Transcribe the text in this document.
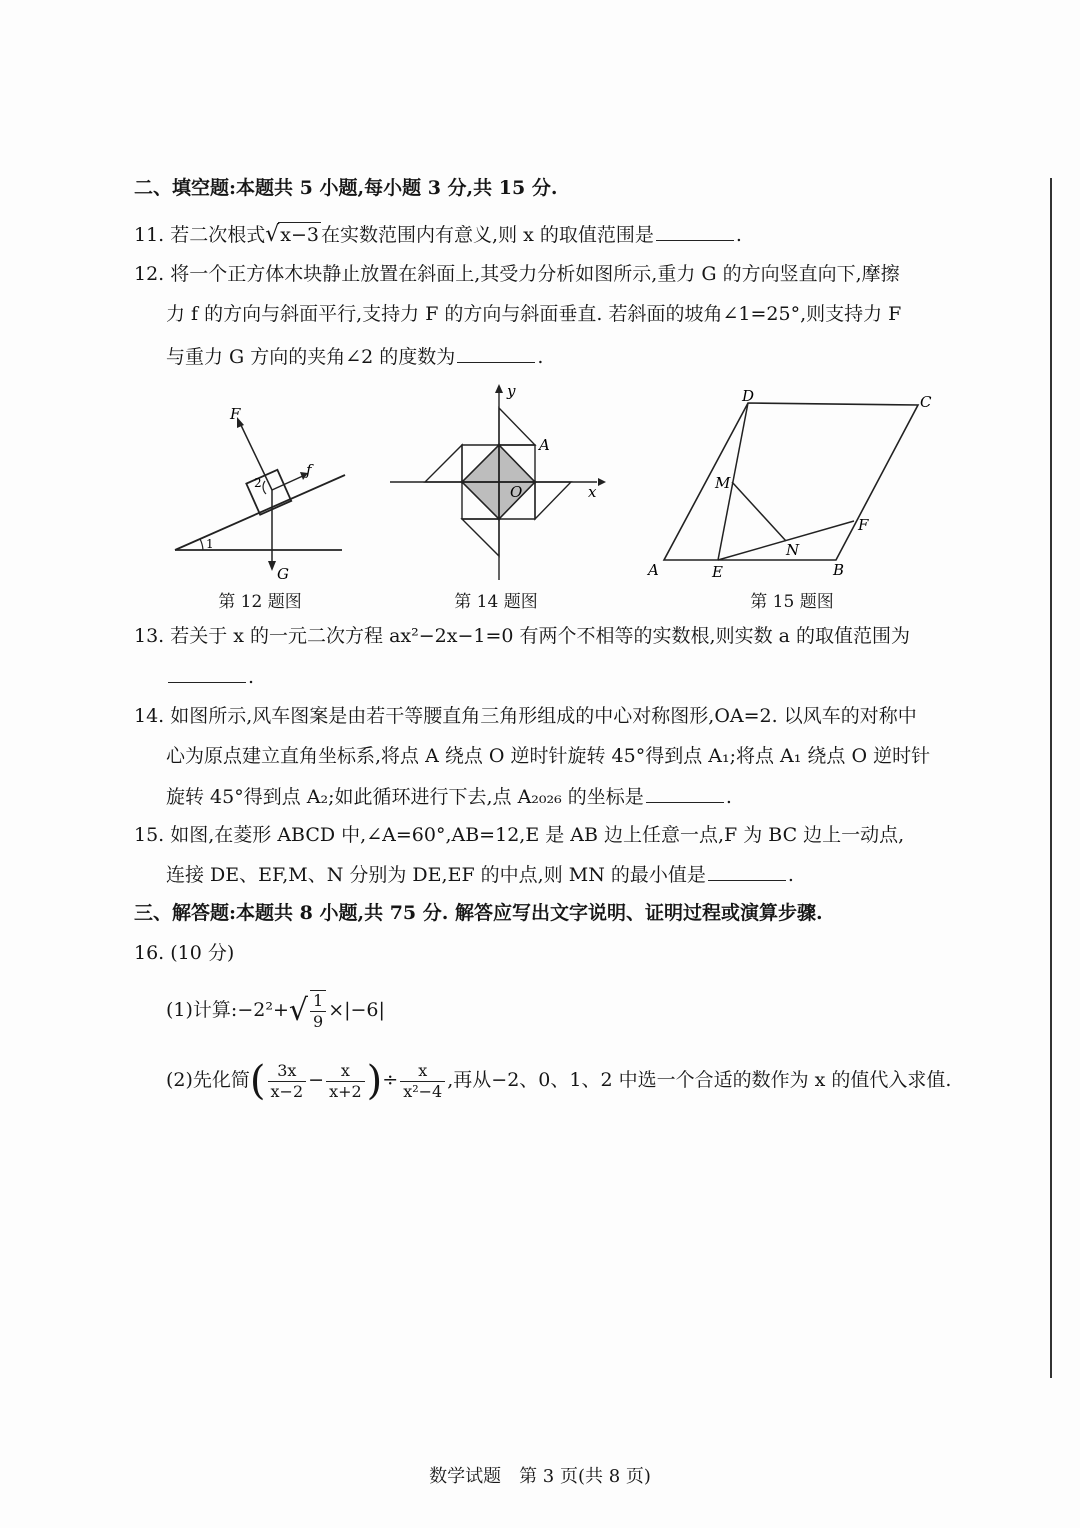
二、填空题:本题共 5 小题,每小题 3 分,共 15 分.
11. 若二次根式√x−3 在实数范围内有意义,则 x 的取值范围是	.
12. 将一个正方体木块静止放置在斜面上,其受力分析如图所示,重力 G 的方向竖直向下,摩擦
力 f 的方向与斜面平行,支持力 F 的方向与斜面垂直. 若斜面的坡角∠1=25°,则支持力 F
与重力 G 方向的夹角∠2 的度数为	.
1
2
F
f
G
第 12 题图
y
x
A
O
第 14 题图
A	B
C
D
E
F
M
N
第 15 题图
13. 若关于 x 的一元二次方程 ax²−2x−1=0 有两个不相等的实数根,则实数 a 的取值范围为
.
14. 如图所示,风车图案是由若干等腰直角三角形组成的中心对称图形,OA=2. 以风车的对称中
心为原点建立直角坐标系,将点 A 绕点 O 逆时针旋转 45°得到点 A₁;将点 A₁ 绕点 O 逆时针
旋转 45°得到点 A₂;如此循环进行下去,点 A₂₀₂₆ 的坐标是	.
15. 如图,在菱形 ABCD 中,∠A=60°,AB=12,E 是 AB 边上任意一点,F 为 BC 边上一动点,
连接 DE、EF,M、N 分别为 DE,EF 的中点,则 MN 的最小值是	.
三、解答题:本题共 8 小题,共 75 分. 解答应写出文字说明、证明过程或演算步骤.
16. (10 分)
(1)计算:−2²+√ $\frac{1}{9} \times|-6|$
(2)先化简( $\frac{3x}{x-2} - \frac{x}{x+2}$ )÷ $\frac{x}{\text{x²−4}}$ ,再从−2、0、1、2 中选一个合适的数作为 x 的值代入求值.
数学试题　第 3 页(共 8 页)
